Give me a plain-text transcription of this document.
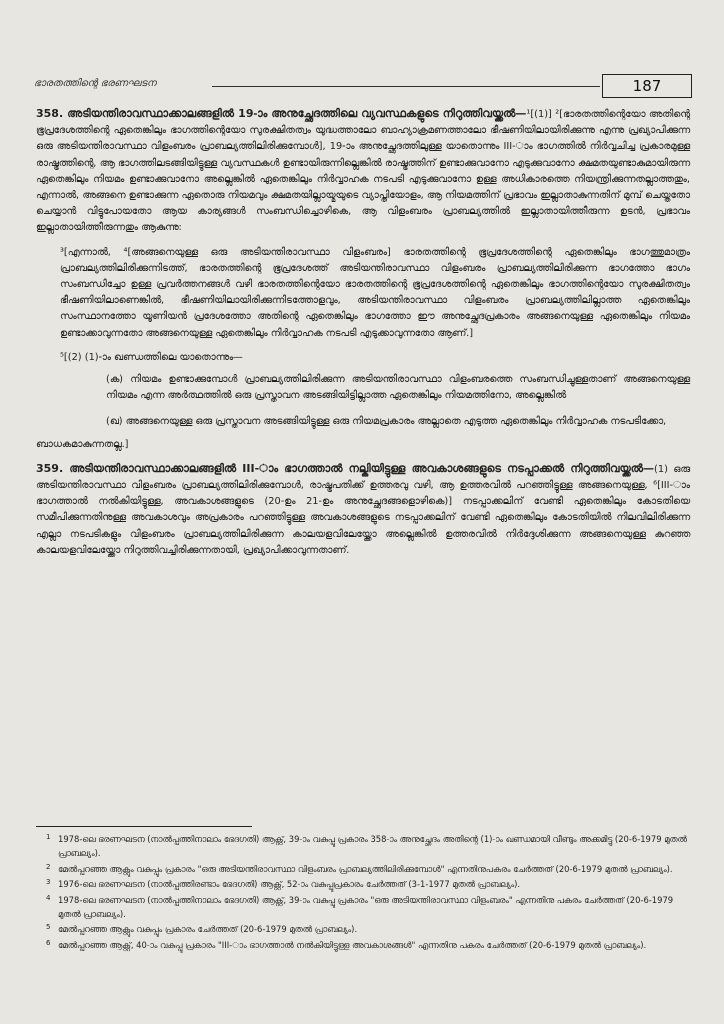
ഭാരതത്തിന്റെ ഭരണഘടന	187

358. അടിയന്തിരാവസ്ഥാക്കാലങ്ങളിൽ 19-ാം അനുച്ഛേദത്തിലെ വ്യവസ്ഥകളുടെ നിറുത്തിവയ്ക്കൽ—¹[(1)] ²[ഭാരതത്തിന്റെയോ അതിന്റെ ഭൂപ്രദേശത്തിന്റെ ഏതെങ്കിലും ഭാഗത്തിന്റെയോ സുരക്ഷിതത്വം യുദ്ധത്താലോ ബാഹ്യാക്രമണത്താലോ ഭീഷണിയിലായിരിക്കുന്നു എന്നു പ്രഖ്യാപിക്കുന്ന ഒരു അടിയന്തിരാവസ്ഥാ വിളംബരം പ്രാബല്യത്തിലിരിക്കുമ്പോൾ], 19-ാം അനുച്ഛേദത്തിലുള്ള യാതൊന്നും III-ാം ഭാഗത്തിൽ നിർവ്വചിച്ച പ്രകാരമുള്ള രാഷ്ട്രത്തിന്റെ, ആ ഭാഗത്തിലടങ്ങിയിട്ടുള്ള വ്യവസ്ഥകൾ ഉണ്ടായിരുന്നില്ലെങ്കിൽ രാഷ്ട്രത്തിന് ഉണ്ടാക്കുവാനോ എടുക്കുവാനോ ക്ഷമതയുണ്ടാകുമായിരുന്ന ഏതെങ്കിലും നിയമം ഉണ്ടാക്കുവാനോ അല്ലെങ്കിൽ ഏതെങ്കിലും നിർവ്വാഹക നടപടി എടുക്കുവാനോ ഉള്ള അധികാരത്തെ നിയന്ത്രിക്കുന്നതല്ലാത്തതും, എന്നാൽ, അങ്ങനെ ഉണ്ടാക്കുന്ന ഏതൊരു നിയമവും ക്ഷമതയില്ലായ്മയുടെ വ്യാപ്തിയോളം, ആ നിയമത്തിന് പ്രഭാവം ഇല്ലാതാകുന്നതിന് മുമ്പ് ചെയ്തതോ ചെയ്യാൻ വിട്ടുപോയതോ ആയ കാര്യങ്ങൾ സംബന്ധിച്ചൊഴികെ, ആ വിളംബരം പ്രാബല്യത്തിൽ ഇല്ലാതായിത്തീരുന്ന ഉടൻ, പ്രഭാവം ഇല്ലാതായിത്തീരുന്നതും ആകുന്നു:

³[എന്നാൽ, ⁴[അങ്ങനെയുള്ള ഒരു അടിയന്തിരാവസ്ഥാ വിളംബരം] ഭാരതത്തിന്റെ ഭൂപ്രദേശത്തിന്റെ ഏതെങ്കിലും ഭാഗത്തുമാത്രം പ്രാബല്യത്തിലിരിക്കുന്നിടത്ത്, ഭാരതത്തിന്റെ ഭൂപ്രദേശത്ത് അടിയന്തിരാവസ്ഥാ വിളംബരം പ്രാബല്യത്തിലിരിക്കുന്ന ഭാഗത്തോ ഭാഗം സംബന്ധിച്ചോ ഉള്ള പ്രവർത്തനങ്ങൾ വഴി ഭാരതത്തിന്റെയോ ഭാരതത്തിന്റെ ഭൂപ്രദേശത്തിന്റെ ഏതെങ്കിലും ഭാഗത്തിന്റെയോ സുരക്ഷിതത്വം ഭീഷണിയിലാണെങ്കിൽ, ഭീഷണിയിലായിരിക്കുന്നിടത്തോളവും, അടിയന്തിരാവസ്ഥാ വിളംബരം പ്രാബല്യത്തിലില്ലാത്ത ഏതെങ്കിലും സംസ്ഥാനത്തോ യൂണിയൻ പ്രദേശത്തോ അതിന്റെ ഏതെങ്കിലും ഭാഗത്തോ ഈ അനുച്ഛേദപ്രകാരം അങ്ങനെയുള്ള ഏതെങ്കിലും നിയമം ഉണ്ടാക്കാവുന്നതോ അങ്ങനെയുള്ള ഏതെങ്കിലും നിർവ്വാഹക നടപടി എടുക്കാവുന്നതോ ആണ്.]

⁵[(2) (1)-ാം ഖണ്ഡത്തിലെ യാതൊന്നും—

(ക) നിയമം ഉണ്ടാക്കുമ്പോൾ പ്രാബല്യത്തിലിരിക്കുന്ന അടിയന്തിരാവസ്ഥാ വിളംബരത്തെ സംബന്ധിച്ചുള്ളതാണ് അങ്ങനെയുള്ള നിയമം എന്ന അർത്ഥത്തിൽ ഒരു പ്രസ്താവന അടങ്ങിയിട്ടില്ലാത്ത ഏതെങ്കിലും നിയമത്തിനോ, അല്ലെങ്കിൽ

(ഖ) അങ്ങനെയുള്ള ഒരു പ്രസ്താവന അടങ്ങിയിട്ടുള്ള ഒരു നിയമപ്രകാരം അല്ലാതെ എടുത്ത ഏതെങ്കിലും നിർവ്വാഹക നടപടിക്കോ,

ബാധകമാകുന്നതല്ല.]

359. അടിയന്തിരാവസ്ഥാക്കാലങ്ങളിൽ III-ാം ഭാഗത്താൽ നല്കിയിട്ടുള്ള അവകാശങ്ങളുടെ നടപ്പാക്കൽ നിറുത്തിവയ്ക്കൽ—(1) ഒരു അടിയന്തിരാവസ്ഥാ വിളംബരം പ്രാബല്യത്തിലിരിക്കുമ്പോൾ, രാഷ്ട്രപതിക്ക് ഉത്തരവു വഴി, ആ ഉത്തരവിൽ പറഞ്ഞിട്ടുള്ള അങ്ങനെയുള്ള, ⁶[III-ാം ഭാഗത്താൽ നൽകിയിട്ടുള്ള, അവകാശങ്ങളുടെ (20-ഉം 21-ഉം അനുച്ഛേദങ്ങളൊഴികെ)] നടപ്പാക്കലിന് വേണ്ടി ഏതെങ്കിലും കോടതിയെ സമീപിക്കുന്നതിനുള്ള അവകാശവും അപ്രകാരം പറഞ്ഞിട്ടുള്ള അവകാശങ്ങളുടെ നടപ്പാക്കലിന് വേണ്ടി ഏതെങ്കിലും കോടതിയിൽ നിലവിലിരിക്കുന്ന എല്ലാ നടപടികളും വിളംബരം പ്രാബല്യത്തിലിരിക്കുന്ന കാലയളവിലേയ്ക്കോ അല്ലെങ്കിൽ ഉത്തരവിൽ നിർദ്ദേശിക്കുന്ന അങ്ങനെയുള്ള കുറഞ്ഞ കാലയളവിലേയ്ക്കോ നിറുത്തിവച്ചിരിക്കുന്നതായി, പ്രഖ്യാപിക്കാവുന്നതാണ്.

1 1978-ലെ ഭരണഘടന (നാൽപ്പത്തിനാലാം ഭേദഗതി) ആക്റ്റ്, 39-ാം വകുപ്പു പ്രകാരം 358-ാം അനുച്ഛേദം അതിന്റെ (1)-ാം ഖണ്ഡമായി വീണ്ടും അക്കമിട്ടു (20-6-1979 മുതൽ പ്രാബല്യം).

2 മേൽപ്പറഞ്ഞ ആക്റ്റും വകുപ്പും പ്രകാരം "ഒരു അടിയന്തിരാവസ്ഥാ വിളംബരം പ്രാബല്യത്തിലിരിക്കുമ്പോൾ" എന്നതിനുപകരം ചേർത്തത് (20-6-1979 മുതൽ പ്രാബല്യം).

3 1976-ലെ ഭരണഘടന (നാൽപ്പത്തിരണ്ടാം ഭേദഗതി) ആക്റ്റ്, 52-ാം വകുപ്പുപ്രകാരം ചേർത്തത് (3-1-1977 മുതൽ പ്രാബല്യം).

4 1978-ലെ ഭരണഘടന (നാൽപ്പത്തിനാലാം ഭേദഗതി) ആക്റ്റ്, 39-ാം വകുപ്പു പ്രകാരം "ഒരു അടിയന്തിരാവസ്ഥാ വിളംബരം" എന്നതിനു പകരം ചേർത്തത് (20-6-1979 മുതൽ പ്രാബല്യം).

5 മേൽപ്പറഞ്ഞ ആക്റ്റും വകുപ്പും പ്രകാരം ചേർത്തത് (20-6-1979 മുതൽ പ്രാബല്യം).

6 മേൽപ്പറഞ്ഞ ആക്റ്റ്, 40-ാം വകുപ്പു പ്രകാരം "III-ാം ഭാഗത്താൽ നൽകിയിട്ടുള്ള അവകാശങ്ങൾ" എന്നതിനു പകരം ചേർത്തത് (20-6-1979 മുതൽ പ്രാബല്യം).
